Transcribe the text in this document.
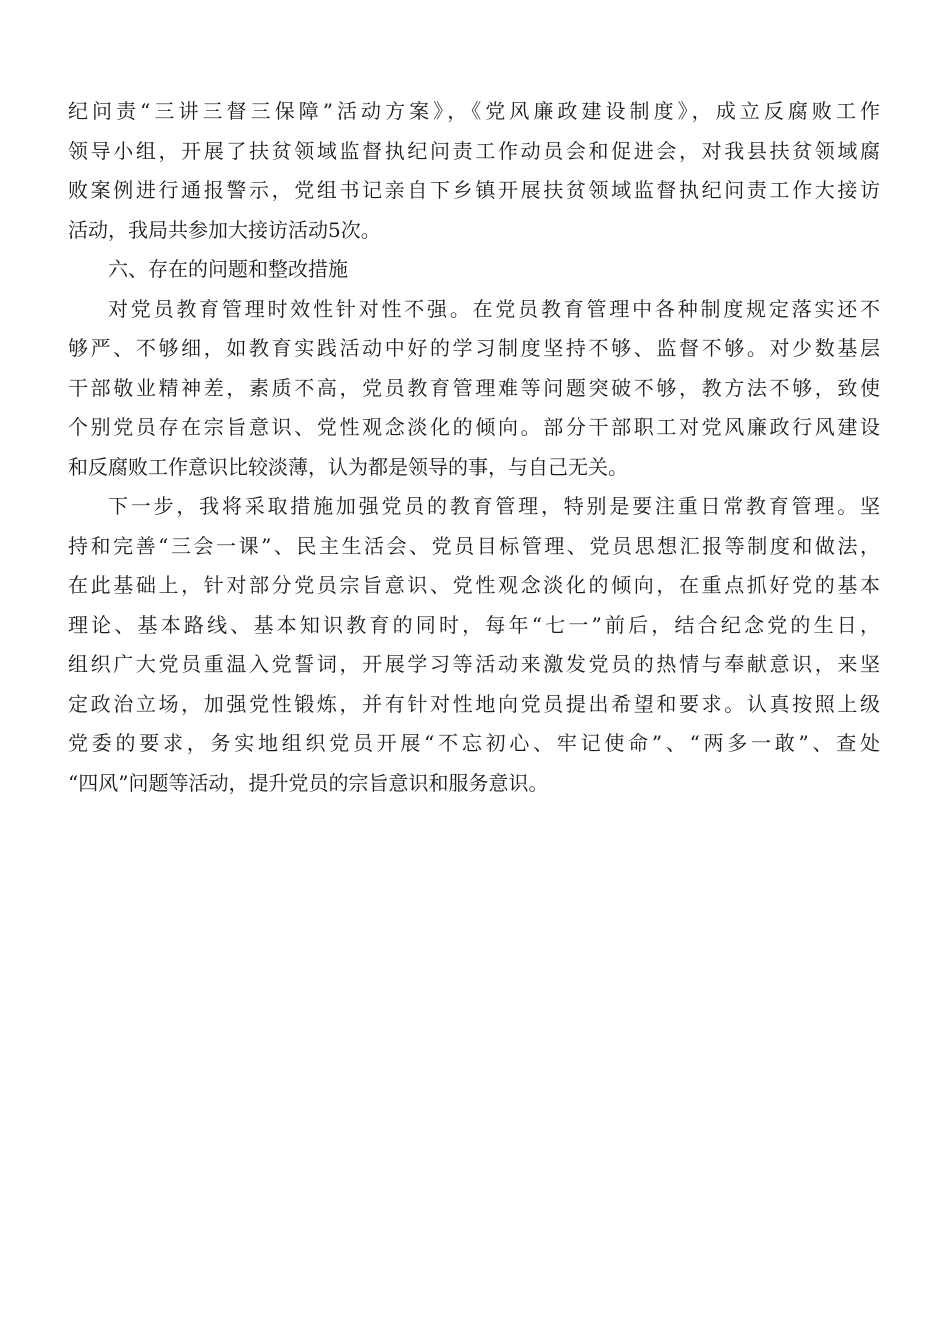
纪问责“三讲三督三保障”活动方案》，《党风廉政建设制度》，成立反腐败工作
领导小组，开展了扶贫领域监督执纪问责工作动员会和促进会，对我县扶贫领域腐
败案例进行通报警示，党组书记亲自下乡镇开展扶贫领域监督执纪问责工作大接访
活动，我局共参加大接访活动5次。
六、存在的问题和整改措施
对党员教育管理时效性针对性不强。在党员教育管理中各种制度规定落实还不
够严、不够细，如教育实践活动中好的学习制度坚持不够、监督不够。对少数基层
干部敬业精神差，素质不高，党员教育管理难等问题突破不够，教方法不够，致使
个别党员存在宗旨意识、党性观念淡化的倾向。部分干部职工对党风廉政行风建设
和反腐败工作意识比较淡薄，认为都是领导的事，与自己无关。
下一步，我将采取措施加强党员的教育管理，特别是要注重日常教育管理。坚
持和完善“三会一课”、民主生活会、党员目标管理、党员思想汇报等制度和做法，
在此基础上，针对部分党员宗旨意识、党性观念淡化的倾向，在重点抓好党的基本
理论、基本路线、基本知识教育的同时，每年“七一”前后，结合纪念党的生日，
组织广大党员重温入党誓词，开展学习等活动来激发党员的热情与奉献意识，来坚
定政治立场，加强党性锻炼，并有针对性地向党员提出希望和要求。认真按照上级
党委的要求，务实地组织党员开展“不忘初心、牢记使命”、“两多一敢”、查处
“四风”问题等活动，提升党员的宗旨意识和服务意识。
